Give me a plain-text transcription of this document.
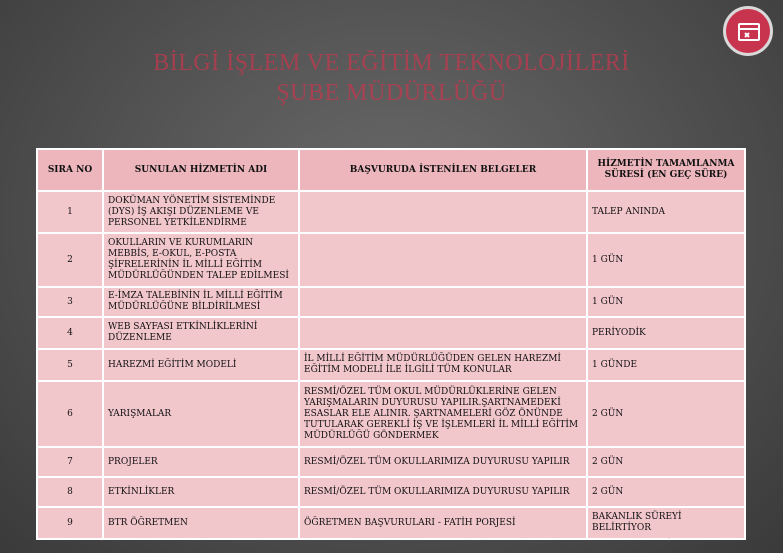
BİLGİ İŞLEM VE EĞİTİM TEKNOLOJİLERİ
ŞUBE MÜDÜRLÜĞÜ
SIRA NO	SUNULAN HİZMETİN ADI	BAŞVURUDA İSTENİLEN BELGELER	HİZMETİN TAMAMLANMA SÜRESİ (EN GEÇ SÜRE)
1	DOKÜMAN YÖNETİM SİSTEMİNDE (DYS) İŞ AKIŞI DÜZENLEME VE PERSONEL YETKİLENDİRME		TALEP ANINDA
2	OKULLARIN VE KURUMLARIN MEBBİS, E-OKUL, E-POSTA ŞİFRELERİNİN İL MİLLİ EĞİTİM MÜDÜRLÜĞÜNDEN TALEP EDİLMESİ		1 GÜN
3	E-İMZA TALEBİNİN İL MİLLİ EĞİTİM MÜDÜRLÜĞÜNE BİLDİRİLMESİ		1 GÜN
4	WEB SAYFASI ETKİNLİKLERİNİ DÜZENLEME		PERİYODİK
5	HAREZMİ EĞİTİM MODELİ	İL MİLLİ EĞİTİM MÜDÜRLÜĞÜDEN GELEN HAREZMİ EĞİTİM MODELİ İLE İLGİLİ TÜM KONULAR	1 GÜNDE
6	YARIŞMALAR	RESMİ/ÖZEL TÜM OKUL MÜDÜRLÜKLERİNE GELEN YARIŞMALARIN DUYURUSU YAPILIR.ŞARTNAMEDEKİ ESASLAR ELE ALINIR. ŞARTNAMELERİ GÖZ ÖNÜNDE TUTULARAK GEREKLİ İŞ VE İŞLEMLERİ İL MİLLİ EĞİTİM MÜDÜRLÜĞÜ GÖNDERMEK	2 GÜN
7	PROJELER	RESMİ/ÖZEL TÜM OKULLARIMIZA DUYURUSU YAPILIR	2 GÜN
8	ETKİNLİKLER	RESMİ/ÖZEL TÜM OKULLARIMIZA DUYURUSU YAPILIR	2 GÜN
9	BTR ÖĞRETMEN	ÖĞRETMEN BAŞVURULARI - FATİH PORJESİ	BAKANLIK SÜREYİ BELİRTİYOR
.
